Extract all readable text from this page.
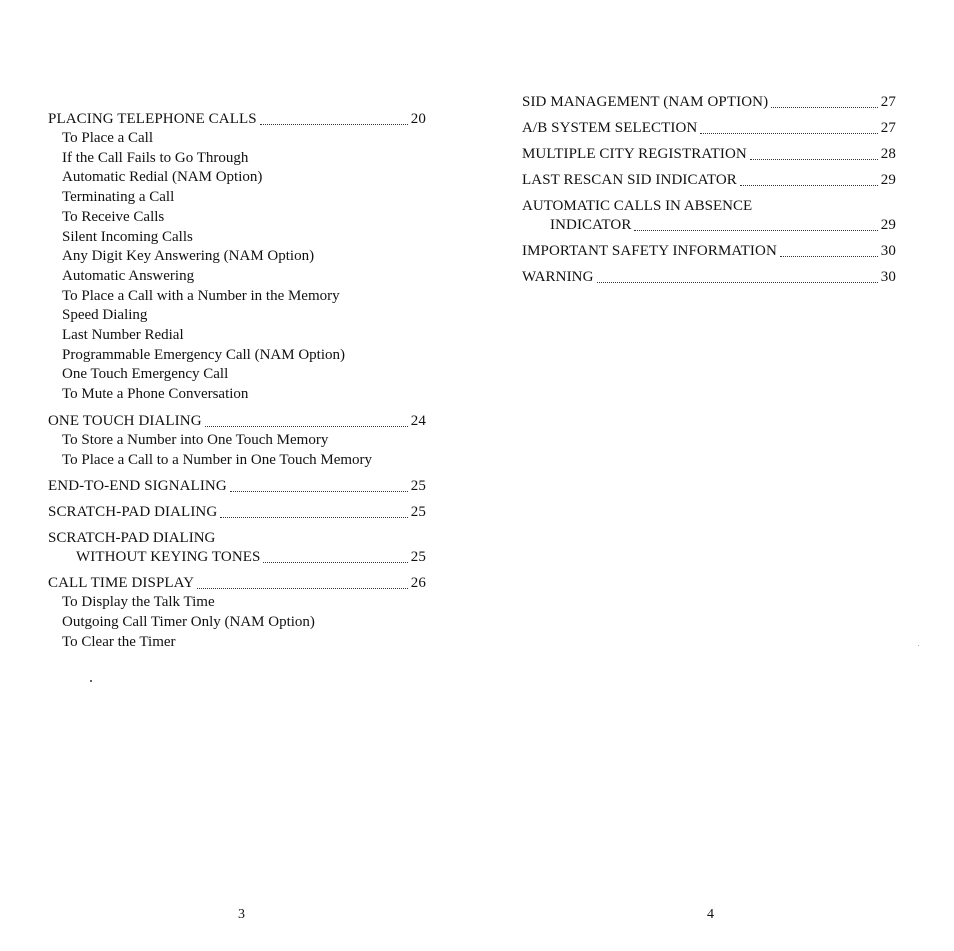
PLACING TELEPHONE CALLS	20
To Place a Call
If the Call Fails to Go Through
Automatic Redial (NAM Option)
Terminating a Call
To Receive Calls
Silent Incoming Calls
Any Digit Key Answering (NAM Option)
Automatic Answering
To Place a Call with a Number in the Memory
Speed Dialing
Last Number Redial
Programmable Emergency Call (NAM Option)
One Touch Emergency Call
To Mute a Phone Conversation
ONE TOUCH DIALING	24
To Store a Number into One Touch Memory
To Place a Call to a Number in One Touch Memory
END-TO-END SIGNALING	25
SCRATCH-PAD DIALING	25
SCRATCH-PAD DIALING
WITHOUT KEYING TONES	25
CALL TIME DISPLAY	26
To Display the Talk Time
Outgoing Call Timer Only (NAM Option)
To Clear the Timer
SID MANAGEMENT (NAM OPTION)	27
A/B SYSTEM SELECTION	27
MULTIPLE CITY REGISTRATION	28
LAST RESCAN SID INDICATOR	29
AUTOMATIC CALLS IN ABSENCE
INDICATOR	29
IMPORTANT SAFETY INFORMATION	30
WARNING	30
3	4
